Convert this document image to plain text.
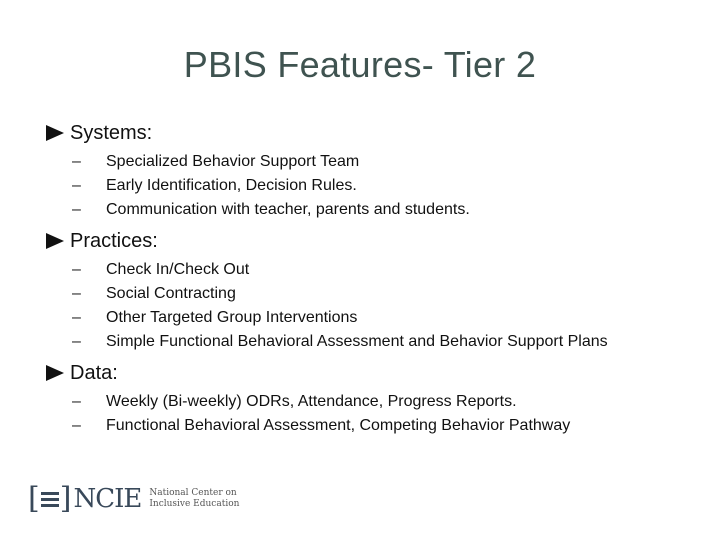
PBIS Features- Tier 2
Systems:
–	Specialized Behavior Support Team
–	Early Identification, Decision Rules.
–	Communication with teacher, parents and students.
Practices:
–	Check In/Check Out
–	Social Contracting
–	Other Targeted Group Interventions
–	Simple Functional Behavioral Assessment and Behavior Support Plans
Data:
–	Weekly (Bi-weekly) ODRs, Attendance, Progress Reports.
–	Functional Behavioral Assessment, Competing Behavior Pathway
[ ] NCIE National Center on
Inclusive Education
